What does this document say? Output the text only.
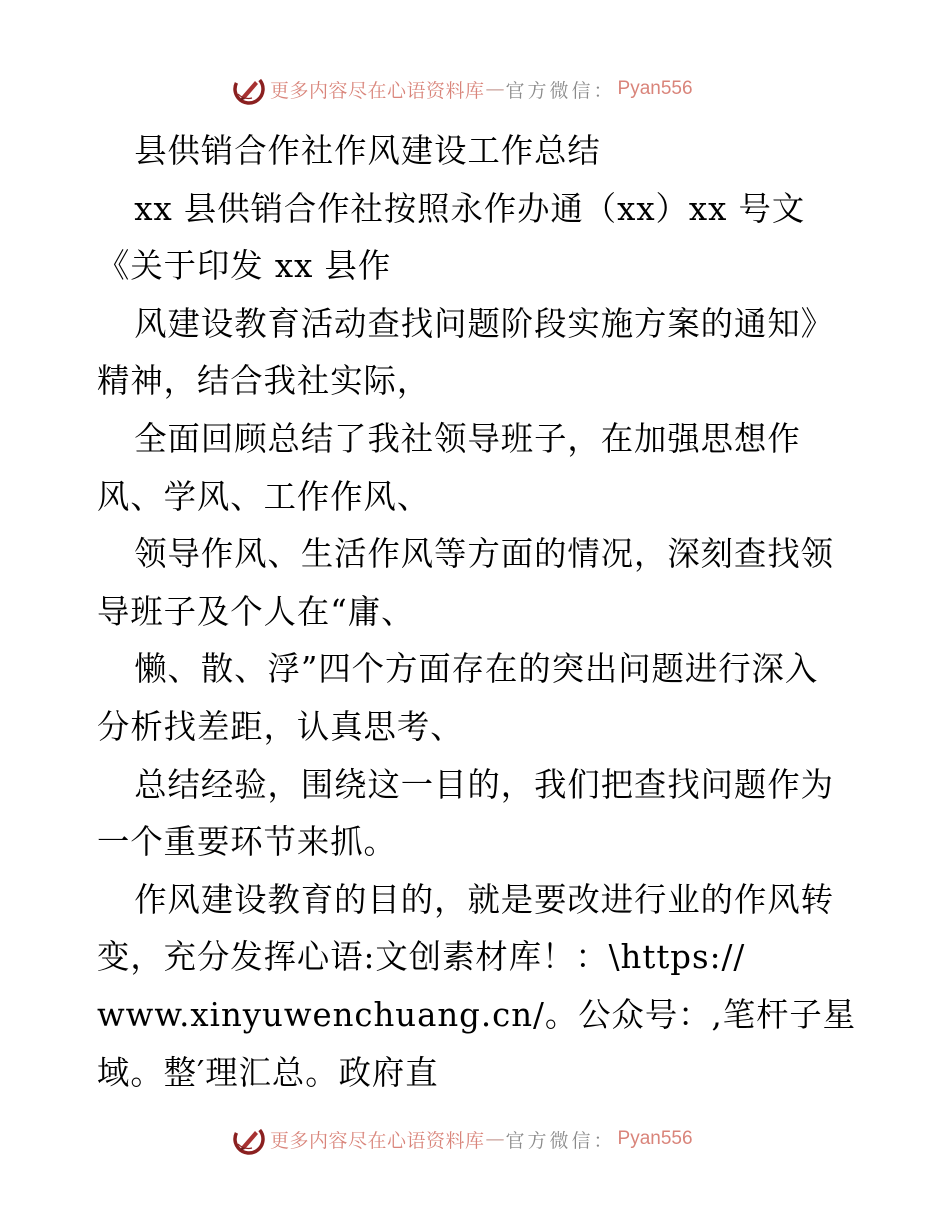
更多内容尽在心语资料库 — 官方微信： Pyan556
县供销合作社作风建设工作总结
xx 县供销合作社按照永作办通（xx）xx 号文
《关于印发 xx 县作
风建设教育活动查找问题阶段实施方案的通知》
精神，结合我社实际，
全面回顾总结了我社领导班子，在加强思想作
风、学风、工作作风、
领导作风、生活作风等方面的情况，深刻查找领
导班子及个人在“庸、
懒、散、浮”四个方面存在的突出问题进行深入
分析找差距，认真思考、
总结经验，围绕这一目的，我们把查找问题作为
一个重要环节来抓。
作风建设教育的目的，就是要改进行业的作风转
变，充分发挥心语:文创素材库！：\https://
www.xinyuwenchuang.cn/。公众号：,笔杆子星
域。整′理汇总。政府直
更多内容尽在心语资料库 — 官方微信： Pyan556
